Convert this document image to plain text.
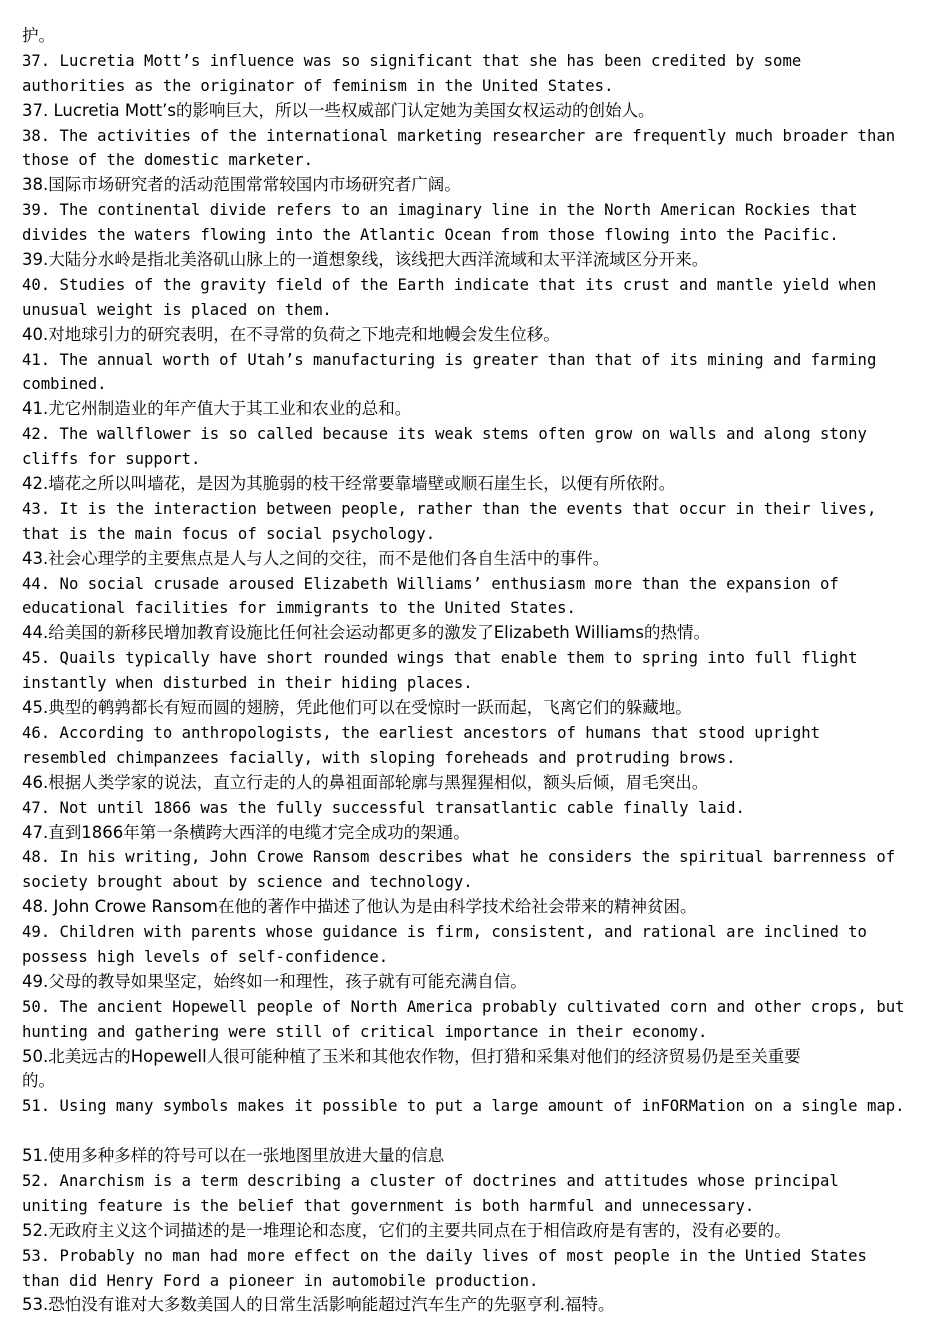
护。
37. Lucretia Mott’s influence was so significant that she has been credited by some
authorities as the originator of feminism in the United States.
37. Lucretia Mott’s的影响巨大，所以一些权威部门认定她为美国女权运动的创始人。
38. The activities of the international marketing researcher are frequently much broader than
those of the domestic marketer.
38.国际市场研究者的活动范围常常较国内市场研究者广阔。
39. The continental divide refers to an imaginary line in the North American Rockies that
divides the waters flowing into the Atlantic Ocean from those flowing into the Pacific.
39.大陆分水岭是指北美洛矶山脉上的一道想象线，该线把大西洋流域和太平洋流域区分开来。
40. Studies of the gravity field of the Earth indicate that its crust and mantle yield when
unusual weight is placed on them.
40.对地球引力的研究表明，在不寻常的负荷之下地壳和地幔会发生位移。
41. The annual worth of Utah’s manufacturing is greater than that of its mining and farming
combined.
41.尤它州制造业的年产值大于其工业和农业的总和。
42. The wallflower is so called because its weak stems often grow on walls and along stony
cliffs for support.
42.墙花之所以叫墙花，是因为其脆弱的枝干经常要靠墙壁或顺石崖生长，以便有所依附。
43. It is the interaction between people, rather than the events that occur in their lives,
that is the main focus of social psychology.
43.社会心理学的主要焦点是人与人之间的交往，而不是他们各自生活中的事件。
44. No social crusade aroused Elizabeth Williams’ enthusiasm more than the expansion of
educational facilities for immigrants to the United States.
44.给美国的新移民增加教育设施比任何社会运动都更多的激发了Elizabeth Williams的热情。
45. Quails typically have short rounded wings that enable them to spring into full flight
instantly when disturbed in their hiding places.
45.典型的鹌鹑都长有短而圆的翅膀，凭此他们可以在受惊时一跃而起，飞离它们的躲藏地。
46. According to anthropologists, the earliest ancestors of humans that stood upright
resembled chimpanzees facially, with sloping foreheads and protruding brows.
46.根据人类学家的说法，直立行走的人的鼻祖面部轮廓与黑猩猩相似，额头后倾，眉毛突出。
47. Not until 1866 was the fully successful transatlantic cable finally laid.
47.直到1866年第一条横跨大西洋的电缆才完全成功的架通。
48. In his writing, John Crowe Ransom describes what he considers the spiritual barrenness of
society brought about by science and technology.
48. John Crowe Ransom在他的著作中描述了他认为是由科学技术给社会带来的精神贫困。
49. Children with parents whose guidance is firm, consistent, and rational are inclined to
possess high levels of self-confidence.
49.父母的教导如果坚定，始终如一和理性，孩子就有可能充满自信。
50. The ancient Hopewell people of North America probably cultivated corn and other crops, but
hunting and gathering were still of critical importance in their economy.
50.北美远古的Hopewell人很可能种植了玉米和其他农作物，但打猎和采集对他们的经济贸易仍是至关重要
的。
51. Using many symbols makes it possible to put a large amount of inFORMation on a single map.
51.使用多种多样的符号可以在一张地图里放进大量的信息
52. Anarchism is a term describing a cluster of doctrines and attitudes whose principal
uniting feature is the belief that government is both harmful and unnecessary.
52.无政府主义这个词描述的是一堆理论和态度，它们的主要共同点在于相信政府是有害的，没有必要的。
53. Probably no man had more effect on the daily lives of most people in the Untied States
than did Henry Ford a pioneer in automobile production.
53.恐怕没有谁对大多数美国人的日常生活影响能超过汽车生产的先驱亨利.福特。
